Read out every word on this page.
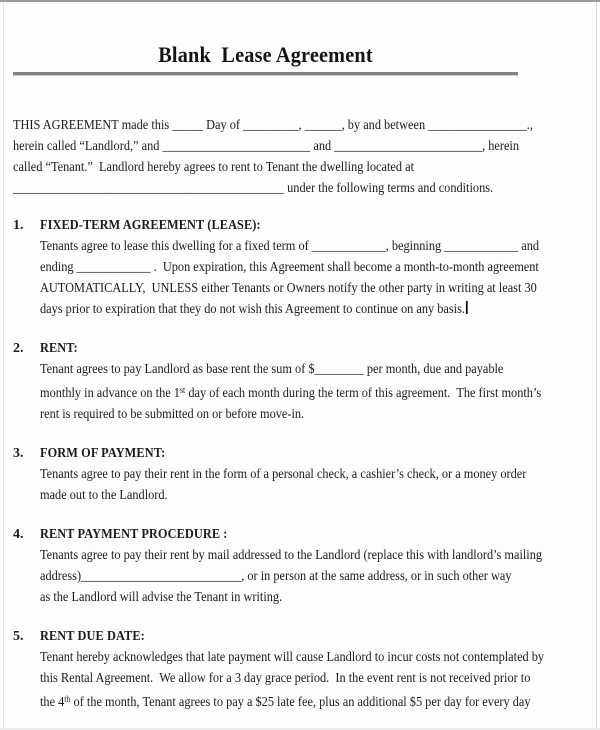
Blank  Lease Agreement
THIS AGREEMENT made this _____ Day of _________, ______, by and between ________________.,
herein called “Landlord,” and ________________________ and ________________________, herein
called “Tenant.”  Landlord hereby agrees to rent to Tenant the dwelling located at
____________________________________________ under the following terms and conditions.
1. FIXED-TERM AGREEMENT (LEASE):
Tenants agree to lease this dwelling for a fixed term of ____________, beginning ____________ and
ending ____________ .  Upon expiration, this Agreement shall become a month-to-month agreement
AUTOMATICALLY,  UNLESS either Tenants or Owners notify the other party in writing at least 30
days prior to expiration that they do not wish this Agreement to continue on any basis.
2. RENT:
Tenant agrees to pay Landlord as base rent the sum of $________ per month, due and payable
monthly in advance on the 1st day of each month during the term of this agreement.  The first month’s
rent is required to be submitted on or before move-in.
3. FORM OF PAYMENT:
Tenants agree to pay their rent in the form of a personal check, a cashier’s check, or a money order
made out to the Landlord.
4. RENT PAYMENT PROCEDURE :
Tenants agree to pay their rent by mail addressed to the Landlord (replace this with landlord’s mailing
address)__________________________, or in person at the same address, or in such other way
as the Landlord will advise the Tenant in writing.
5. RENT DUE DATE:
Tenant hereby acknowledges that late payment will cause Landlord to incur costs not contemplated by
this Rental Agreement.  We allow for a 3 day grace period.  In the event rent is not received prior to
the 4th of the month, Tenant agrees to pay a $25 late fee, plus an additional $5 per day for every day
